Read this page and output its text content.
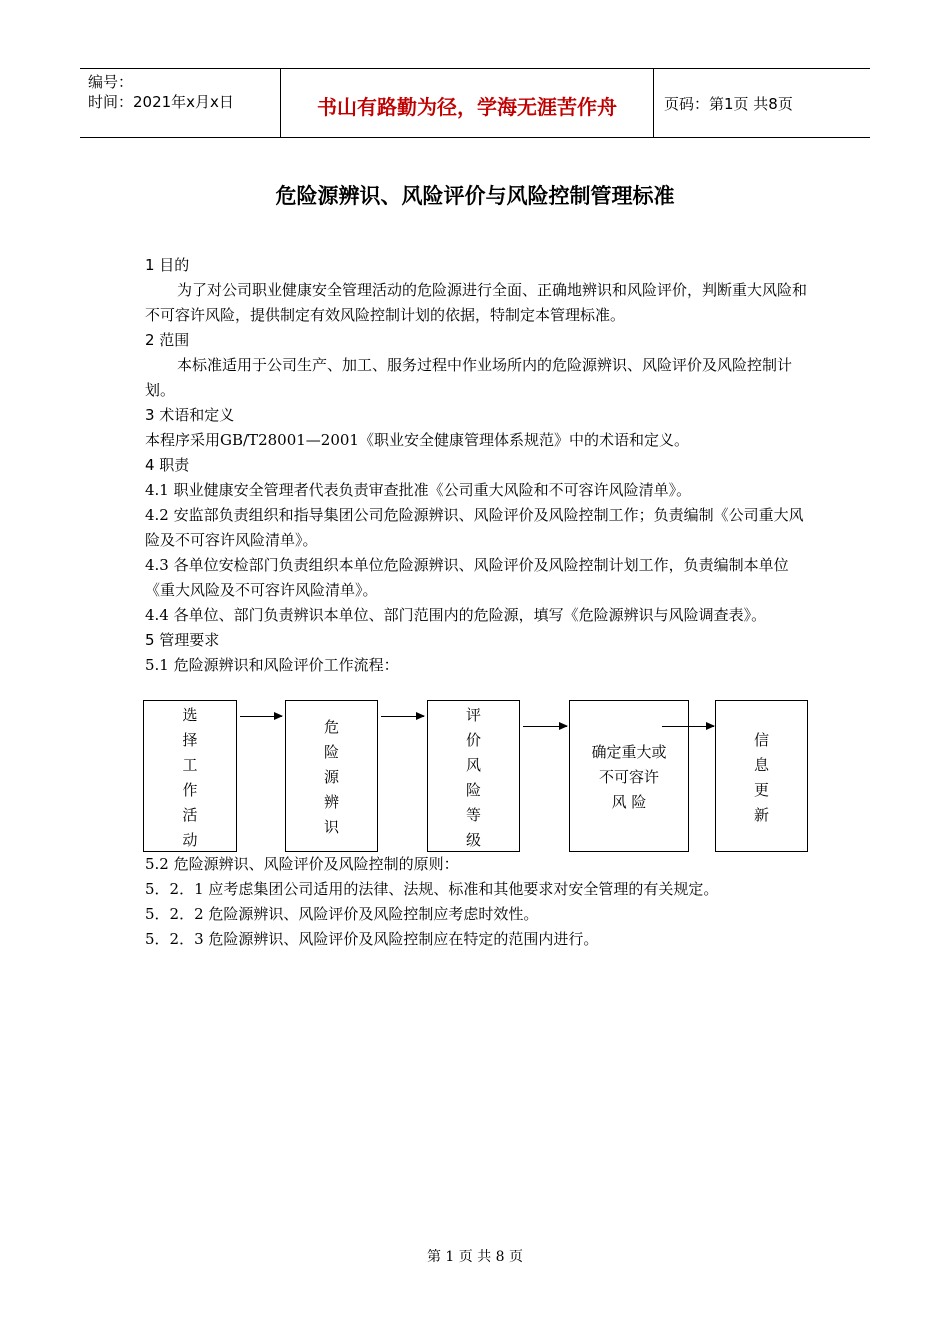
编号：
时间：2021年x月x日	书山有路勤为径，学海无涯苦作舟	页码：第1页 共8页
危险源辨识、风险评价与风险控制管理标准

1 目的

为了对公司职业健康安全管理活动的危险源进行全面、正确地辨识和风险评价，判断重大风险和不可容许风险，提供制定有效风险控制计划的依据，特制定本管理标准。

2 范围

本标准适用于公司生产、加工、服务过程中作业场所内的危险源辨识、风险评价及风险控制计划。

3 术语和定义

本程序采用GB/T28001—2001《职业安全健康管理体系规范》中的术语和定义。

4 职责

4.1 职业健康安全管理者代表负责审查批准《公司重大风险和不可容许风险清单》。

4.2 安监部负责组织和指导集团公司危险源辨识、风险评价及风险控制工作；负责编制《公司重大风险及不可容许风险清单》。

4.3 各单位安检部门负责组织本单位危险源辨识、风险评价及风险控制计划工作，负责编制本单位《重大风险及不可容许风险清单》。

4.4 各单位、部门负责辨识本单位、部门范围内的危险源，填写《危险源辨识与风险调查表》。

5 管理要求

5.1 危险源辨识和风险评价工作流程：

选择工作活动
危险源辨识
评价风险等级
确定重大或
不可容许
风 险
信息更新

5.2 危险源辨识、风险评价及风险控制的原则：

5．2．1 应考虑集团公司适用的法律、法规、标准和其他要求对安全管理的有关规定。

5．2．2 危险源辨识、风险评价及风险控制应考虑时效性。

5．2．3 危险源辨识、风险评价及风险控制应在特定的范围内进行。

第 1 页 共 8 页
